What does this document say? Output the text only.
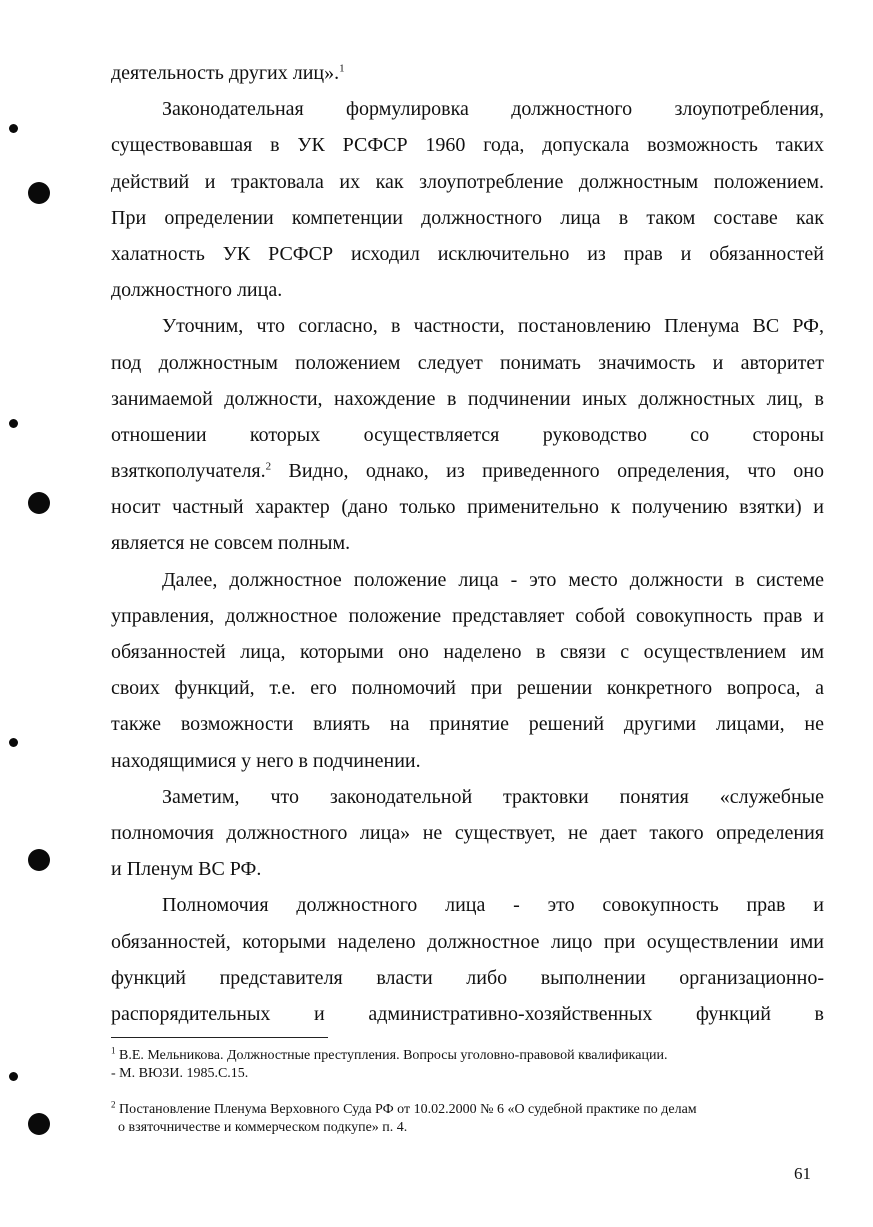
деятельность других лиц».$^1$
Законодательная формулировка должностного злоупотребления,
существовавшая в УК РСФСР 1960 года, допускала возможность таких
действий и трактовала их как злоупотребление должностным положением.
При определении компетенции должностного лица в таком составе как
халатность УК РСФСР исходил исключительно из прав и обязанностей
должностного лица.
Уточним, что согласно, в частности, постановлению Пленума ВС РФ,
под должностным положением следует понимать значимость и авторитет
занимаемой должности, нахождение в подчинении иных должностных лиц, в
отношении которых осуществляется руководство со стороны
взяткополучателя.$^2$ Видно, однако, из приведенного определения, что оно
носит частный характер (дано только применительно к получению взятки) и
является не совсем полным.
Далее, должностное положение лица - это место должности в системе
управления, должностное положение представляет собой совокупность прав и
обязанностей лица, которыми оно наделено в связи с осуществлением им
своих функций, т.е. его полномочий при решении конкретного вопроса, а
также возможности влиять на принятие решений другими лицами, не
находящимися у него в подчинении.
Заметим, что законодательной трактовки понятия «служебные
полномочия должностного лица» не существует, не дает такого определения
и Пленум ВС РФ.
Полномочия должностного лица - это совокупность прав и
обязанностей, которыми наделено должностное лицо при осуществлении ими
функций представителя власти либо выполнении организационно-
распорядительных и административно-хозяйственных функций в
$^1$ В.Е. Мельникова. Должностные преступления. Вопросы уголовно-правовой квалификации.
- М. ВЮЗИ. 1985.С.15.
$^2$ Постановление Пленума Верховного Суда РФ от 10.02.2000 № 6 «О судебной практике по делам
о взяточничестве и коммерческом подкупе» п. 4.
61
